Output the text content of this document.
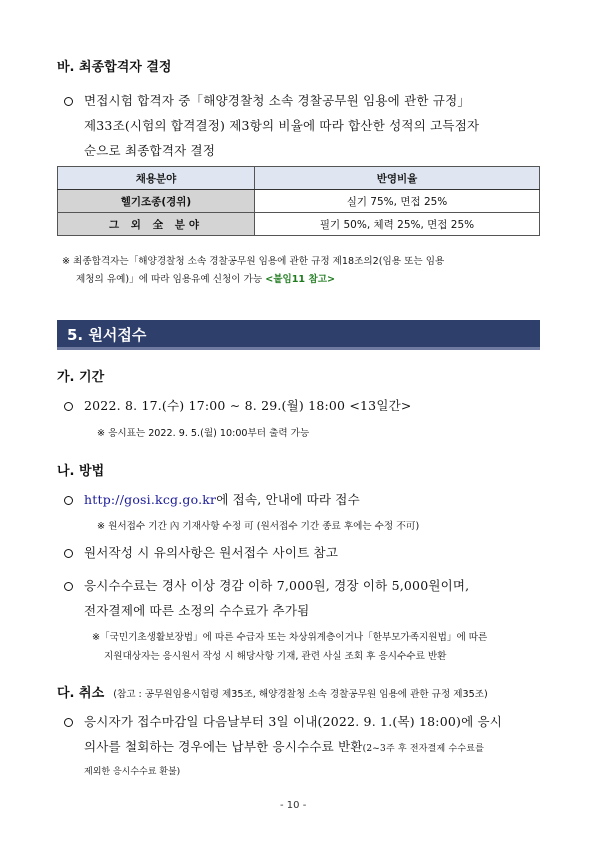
바. 최종합격자 결정
면접시험 합격자 중「해양경찰청 소속 경찰공무원 임용에 관한 규정」
제33조(시험의 합격결정) 제3항의 비율에 따라 합산한 성적의 고득점자
순으로 최종합격자 결정
채용분야	반영비율
헬기조종(경위)	실기 75%, 면접 25%
그 외 全 분야	필기 50%, 체력 25%, 면접 25%
※ 최종합격자는「해양경찰청 소속 경찰공무원 임용에 관한 규정 제18조의2(임용 또는 임용
제청의 유예)」에 따라 임용유예 신청이 가능 <붙임11 참고>
5. 원서접수
가. 기간
2022. 8. 17.(수) 17:00 ∼ 8. 29.(월) 18:00 <13일간>
※ 응시표는 2022. 9. 5.(월) 10:00부터 출력 가능
나. 방법
http://gosi.kcg.go.kr에 접속, 안내에 따라 접수
※ 원서접수 기간 內 기재사항 수정 可 (원서접수 기간 종료 후에는 수정 不可)
원서작성 시 유의사항은 원서접수 사이트 참고
응시수수료는 경사 이상 경감 이하 7,000원, 경장 이하 5,000원이며,
전자결제에 따른 소정의 수수료가 추가됨
※「국민기초생활보장법」에 따른 수급자 또는 차상위계층이거나「한부모가족지원법」에 따른
지원대상자는 응시원서 작성 시 해당사항 기재, 관련 사실 조회 후 응시수수료 반환
다. 취소 (참고 : 공무원임용시험령 제35조, 해양경찰청 소속 경찰공무원 임용에 관한 규정 제35조)
응시자가 접수마감일 다음날부터 3일 이내(2022. 9. 1.(목) 18:00)에 응시
의사를 철회하는 경우에는 납부한 응시수수료 반환(2~3주 후 전자결제 수수료를
제외한 응시수수료 환불)
- 10 -
